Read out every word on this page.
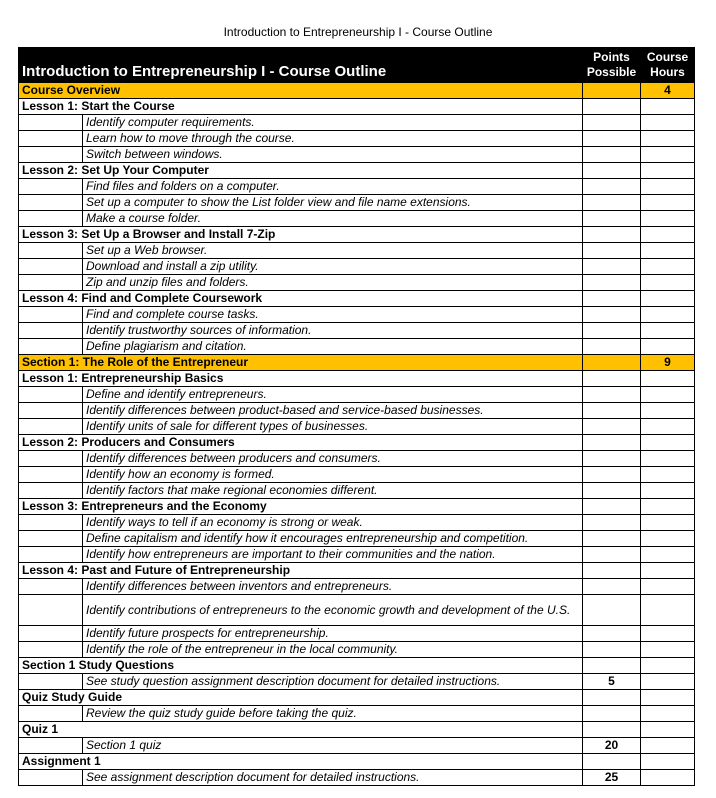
Introduction to Entrepreneurship I - Course Outline
Introduction to Entrepreneurship I - Course Outline		Points Possible	Course Hours
Course Overview			4
Lesson 1: Start the Course			
	Identify computer requirements.		
	Learn how to move through the course.		
	Switch between windows.		
Lesson 2: Set Up Your Computer			
	Find files and folders on a computer.		
	Set up a computer to show the List folder view and file name extensions.		
	Make a course folder.		
Lesson 3: Set Up a Browser and Install 7-Zip			
	Set up a Web browser.		
	Download and install a zip utility.		
	Zip and unzip files and folders.		
Lesson 4: Find and Complete Coursework			
	Find and complete course tasks.		
	Identify trustworthy sources of information.		
	Define plagiarism and citation.		
Section 1: The Role of the Entrepreneur			9
Lesson 1: Entrepreneurship Basics			
	Define and identify entrepreneurs.		
	Identify differences between product-based and service-based businesses.		
	Identify units of sale for different types of businesses.		
Lesson 2: Producers and Consumers			
	Identify differences between producers and consumers.		
	Identify how an economy is formed.		
	Identify factors that make regional economies different.		
Lesson 3: Entrepreneurs and the Economy			
	Identify ways to tell if an economy is strong or weak.		
	Define capitalism and identify how it encourages entrepreneurship and competition.		
	Identify how entrepreneurs are important to their communities and the nation.		
Lesson 4: Past and Future of Entrepreneurship			
	Identify differences between inventors and entrepreneurs.		
	Identify contributions of entrepreneurs to the economic growth and development of the U.S.		
	Identify future prospects for entrepreneurship.		
	Identify the role of the entrepreneur in the local community.		
Section 1 Study Questions			
	See study question assignment description document for detailed instructions.	5	
Quiz Study Guide			
	Review the quiz study guide before taking the quiz.		
Quiz 1			
	Section 1 quiz	20	
Assignment 1			
	See assignment description document for detailed instructions.	25	
